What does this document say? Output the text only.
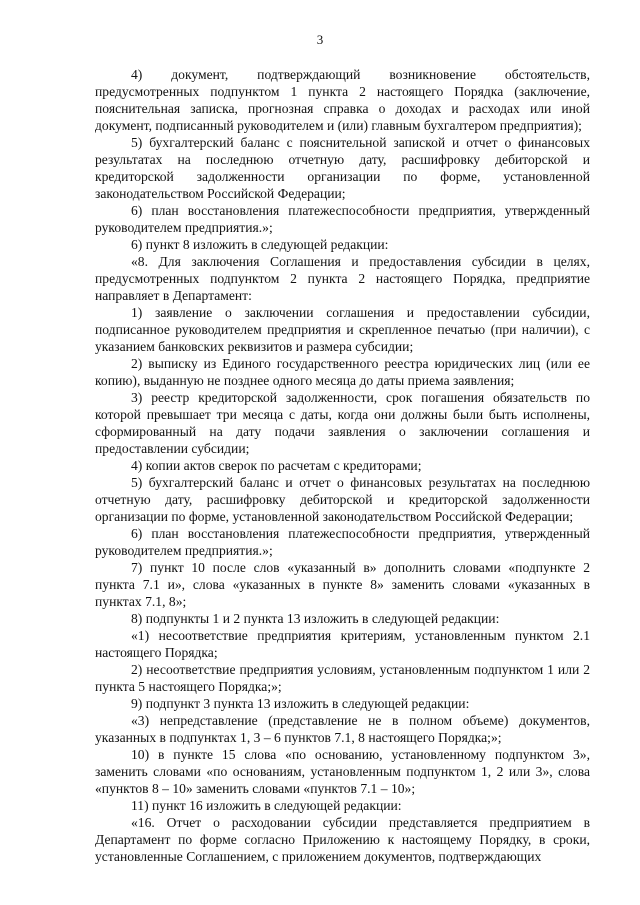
3

4) документ, подтверждающий возникновение обстоятельств, предусмотренных подпунктом 1 пункта 2 настоящего Порядка (заключение, пояснительная записка, прогнозная справка о доходах и расходах или иной документ, подписанный руководителем и (или) главным бухгалтером предприятия);

5) бухгалтерский баланс с пояснительной запиской и отчет о финансовых результатах на последнюю отчетную дату, расшифровку дебиторской и кредиторской задолженности организации по форме, установленной законодательством Российской Федерации;

6) план восстановления платежеспособности предприятия, утвержденный руководителем предприятия.»;

6) пункт 8 изложить в следующей редакции:

«8. Для заключения Соглашения и предоставления субсидии в целях, предусмотренных подпунктом 2 пункта 2 настоящего Порядка, предприятие направляет в Департамент:

1) заявление о заключении соглашения и предоставлении субсидии, подписанное руководителем предприятия и скрепленное печатью (при наличии), с указанием банковских реквизитов и размера субсидии;

2) выписку из Единого государственного реестра юридических лиц (или ее копию), выданную не позднее одного месяца до даты приема заявления;

3) реестр кредиторской задолженности, срок погашения обязательств по которой превышает три месяца с даты, когда они должны были быть исполнены, сформированный на дату подачи заявления о заключении соглашения и предоставлении субсидии;

4) копии актов сверок по расчетам с кредиторами;

5) бухгалтерский баланс и отчет о финансовых результатах на последнюю отчетную дату, расшифровку дебиторской и кредиторской задолженности организации по форме, установленной законодательством Российской Федерации;

6) план восстановления платежеспособности предприятия, утвержденный руководителем предприятия.»;

7) пункт 10 после слов «указанный в» дополнить словами «подпункте 2 пункта 7.1 и», слова «указанных в пункте 8» заменить словами «указанных в пунктах 7.1, 8»;

8) подпункты 1 и 2 пункта 13 изложить в следующей редакции:

«1) несоответствие предприятия критериям, установленным пунктом 2.1 настоящего Порядка;

2) несоответствие предприятия условиям, установленным подпунктом 1 или 2 пункта 5 настоящего Порядка;»;

9) подпункт 3 пункта 13 изложить в следующей редакции:

«3) непредставление (представление не в полном объеме) документов, указанных в подпунктах 1, 3 – 6 пунктов 7.1, 8 настоящего Порядка;»;

10) в пункте 15 слова «по основанию, установленному подпунктом 3», заменить словами «по основаниям, установленным подпунктом 1, 2 или 3», слова «пунктов 8 – 10» заменить словами «пунктов 7.1 – 10»;

11) пункт 16 изложить в следующей редакции:

«16. Отчет о расходовании субсидии представляется предприятием в Департамент по форме согласно Приложению к настоящему Порядку, в сроки, установленные Соглашением, с приложением документов, подтверждающих
